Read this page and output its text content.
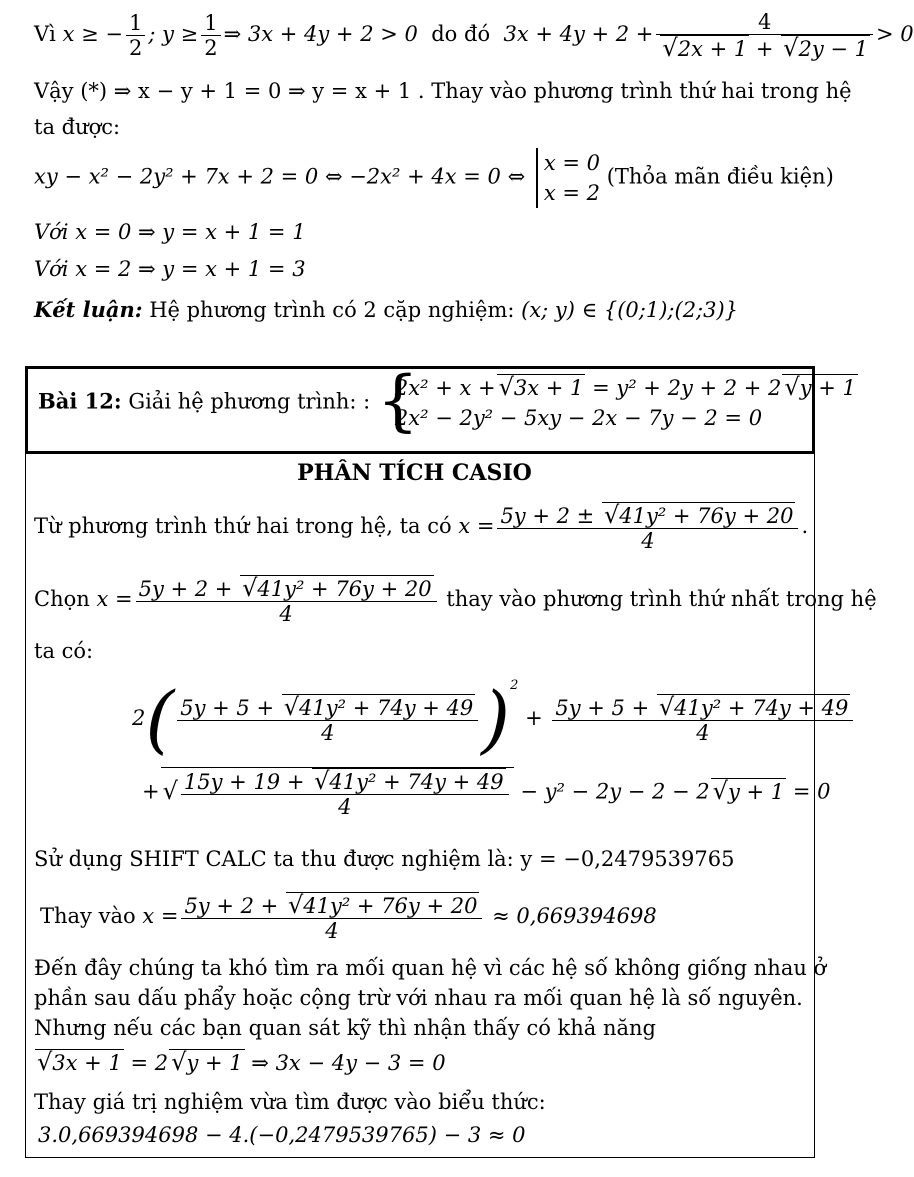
Vì x ≥ − $\frac{1}{2}$ ; $y \ge \frac{1}{2}$ ⇒ 3x + 4y + 2 > 0 do đó 3x + 4y + 2 + 4
√ 2x + 1 + √ 2y − 1 > 0
Vậy (*) ⇒ x − y + 1 = 0 ⇒ y = x + 1 . Thay vào phương trình thứ hai trong hệ
ta được:
xy − x² − 2y² + 7x + 2 = 0 ⇔ −2x² + 4x = 0 ⇔
x = 0
x = 2
(Thỏa mãn điều kiện)
Với x = 0 ⇒ y = x + 1 = 1
Với x = 2 ⇒ y = x + 1 = 3
Kết luận: Hệ phương trình có 2 cặp nghiệm: (x; y) ∈ {(0;1);(2;3)}
Bài 12: Giải hệ phương trình: :
{ 2x² + x +√ 3x + 1 = y² + 2y + 2 + 2√ y + 1
2x² − 2y² − 5xy − 2x − 7y − 2 = 0
PHÂN TÍCH CASIO
Từ phương trình thứ hai trong hệ, ta có $x = \frac{\text{5y + 2 ± √ 41y² + 76y + 20}}{4}$ .
Chọn $x = \frac{\text{5y + 2 + √ 41y² + 76y + 20}}{4}$ thay vào phương trình thứ nhất trong hệ
ta có:
$2( \frac{\text{5y + 5 + √ 41y² + 74y + 49}}{4} )^2 + \frac{\text{5y + 5 + √ 41y² + 74y + 49}}{4}$
+
√ $\frac{\text{15y + 19 + √ 41y² + 74y + 49}}{4} - y^2 - 2y - 2 - 2√$ y + 1 = 0
Sử dụng SHIFT CALC ta thu được nghiệm là: y = −0,2479539765
Thay vào $x = \frac{\text{5y + 2 + √ 41y² + 76y + 20}}{4} \approx 0,669394698$
Đến đây chúng ta khó tìm ra mối quan hệ vì các hệ số không giống nhau ở
phần sau dấu phẩy hoặc cộng trừ với nhau ra mối quan hệ là số nguyên.
Nhưng nếu các bạn quan sát kỹ thì nhận thấy có khả năng
√ 3x + 1 = 2√ y + 1 ⇒ 3x − 4y − 3 = 0
Thay giá trị nghiệm vừa tìm được vào biểu thức:
3.0,669394698 − 4.(−0,2479539765) − 3 ≈ 0
